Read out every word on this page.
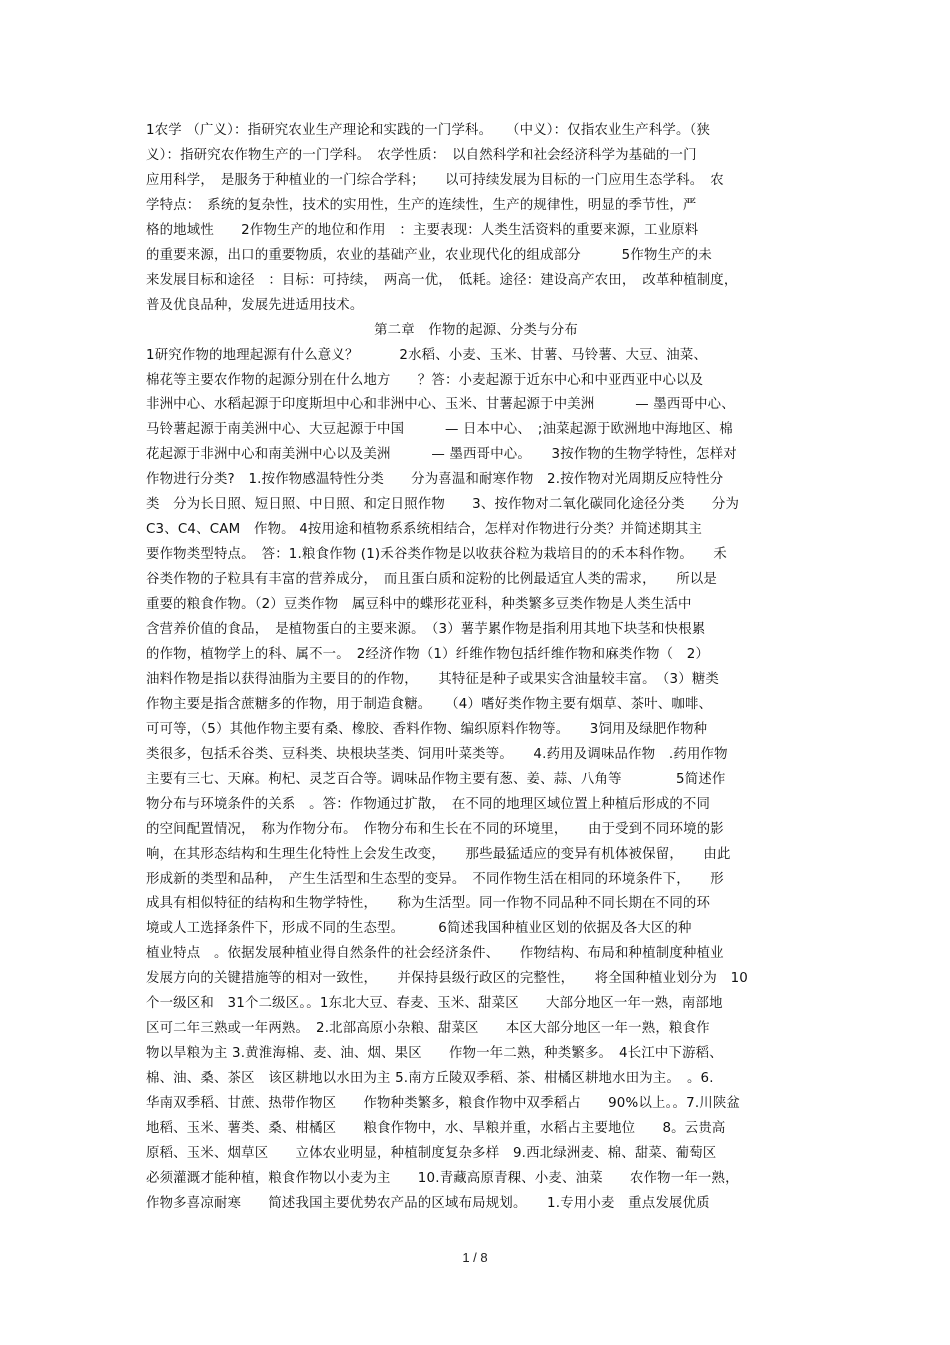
1农学 （广义）：指研究农业生产理论和实践的一门学科。　　（中义）：仅指农业生产科学。（狭
义）：指研究农作物生产的一门学科。　农学性质：　以自然科学和社会经济科学为基础的一门
应用科学，　是服务于种植业的一门综合学科；　　以可持续发展为目标的一门应用生态学科。　农
学特点：　系统的复杂性，技术的实用性，生产的连续性，生产的规律性，明显的季节性，严
格的地域性　　2作物生产的地位和作用　：主要表现：人类生活资料的重要来源，工业原料
的重要来源，出口的重要物质，农业的基础产业，农业现代化的组成部分　　　5作物生产的未
来发展目标和途径　：目标：可持续，　两高一优，　低耗。途径：建设高产农田，　改革种植制度，
普及优良品种，发展先进适用技术。
第二章　作物的起源、分类与分布
1研究作物的地理起源有什么意义？　　　2水稻、小麦、玉米、甘薯、马铃薯、大豆、油菜、
棉花等主要农作物的起源分别在什么地方　　？答：小麦起源于近东中心和中亚西亚中心以及
非洲中心、水稻起源于印度斯坦中心和非洲中心、玉米、甘薯起源于中美洲　　　— 墨西哥中心、
马铃薯起源于南美洲中心、大豆起源于中国　　　— 日本中心、　;油菜起源于欧洲地中海地区、棉
花起源于非洲中心和南美洲中心以及美洲　　　— 墨西哥中心。　　3按作物的生物学特性，怎样对
作物进行分类?　1.按作物感温特性分类　　分为喜温和耐寒作物　2.按作物对光周期反应特性分
类　分为长日照、短日照、中日照、和定日照作物　　3、按作物对二氧化碳同化途径分类　　分为
C3、C4、CAM　作物。 4按用途和植物系系统相结合，怎样对作物进行分类？并简述期其主
要作物类型特点。　答：1.粮食作物 (1)禾谷类作物是以收获谷粒为栽培目的的禾本科作物。　　禾
谷类作物的子粒具有丰富的营养成分，　而且蛋白质和淀粉的比例最适宜人类的需求，　　所以是
重要的粮食作物。（2）豆类作物　属豆科中的蝶形花亚科，种类繁多豆类作物是人类生活中
含营养价值的食品，　是植物蛋白的主要来源。　（3）薯芋累作物是指利用其地下块茎和快根累
的作物，植物学上的科、属不一。　2经济作物（1）纤维作物包括纤维作物和麻类作物（　2）
油料作物是指以获得油脂为主要目的的作物，　　其特征是种子或果实含油量较丰富。　（3）糖类
作物主要是指含蔗糖多的作物，用于制造食糖。　　（4）嗜好类作物主要有烟草、茶叶、咖啡、
可可等，（5）其他作物主要有桑、橡胶、香料作物、编织原料作物等。　　3饲用及绿肥作物种
类很多，包括禾谷类、豆科类、块根块茎类、饲用叶菜类等。　　4.药用及调味品作物　.药用作物
主要有三七、天麻。枸杞、灵芝百合等。调味品作物主要有葱、姜、蒜、八角等　　　　5简述作
物分布与环境条件的关系　。答：作物通过扩散，　在不同的地理区域位置上种植后形成的不同
的空间配置情况，　称为作物分布。　作物分布和生长在不同的环境里，　　由于受到不同环境的影
响，在其形态结构和生理生化特性上会发生改变，　　那些最猛适应的变异有机体被保留，　　由此
形成新的类型和品种，　产生生活型和生态型的变异。　不同作物生活在相同的环境条件下，　　形
成具有相似特征的结构和生物学特性，　　称为生活型。同一作物不同品种不同长期在不同的环
境或人工选择条件下，形成不同的生态型。　　　6简述我国种植业区划的依据及各大区的种
植业特点　。依据发展种植业得自然条件的社会经济条件、　　作物结构、布局和种植制度种植业
发展方向的关键措施等的相对一致性，　　并保持县级行政区的完整性，　　将全国种植业划分为　10
个一级区和　31个二级区。。1东北大豆、春麦、玉米、甜菜区　　大部分地区一年一熟，南部地
区可二年三熟或一年两熟。　2.北部高原小杂粮、甜菜区　　本区大部分地区一年一熟，粮食作
物以旱粮为主 3.黄淮海棉、麦、油、烟、果区　　作物一年二熟，种类繁多。　4长江中下游稻、
棉、油、桑、茶区　该区耕地以水田为主 5.南方丘陵双季稻、茶、柑橘区耕地水田为主。　。6.
华南双季稻、甘蔗、热带作物区　　作物种类繁多，粮食作物中双季稻占　　90%以上。。7.川陕盆
地稻、玉米、薯类、桑、柑橘区　　粮食作物中，水、旱粮并重，水稻占主要地位　　8。云贵高
原稻、玉米、烟草区　　立体农业明显，种植制度复杂多样　9.西北绿洲麦、棉、甜菜、葡萄区
必须灌溉才能种植，粮食作物以小麦为主　　10.青藏高原青稞、小麦、油菜　　农作物一年一熟，
作物多喜凉耐寒　　简述我国主要优势农产品的区域布局规划。　　1.专用小麦　重点发展优质
1 / 8
